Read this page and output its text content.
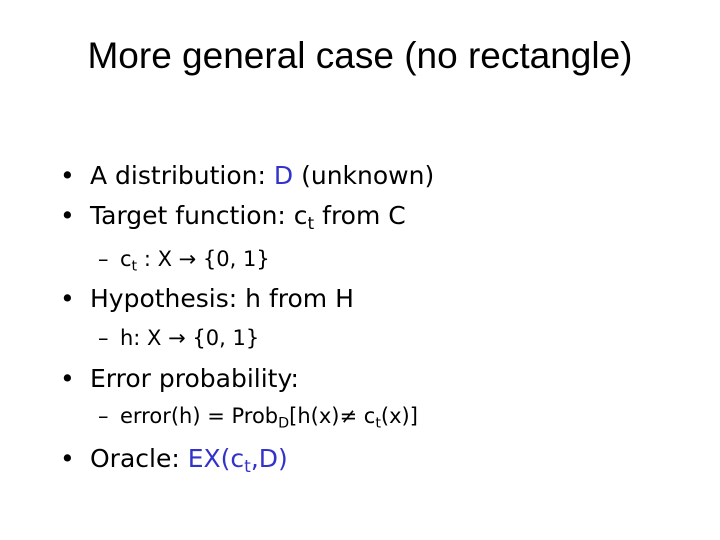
More general case (no rectangle)
• A distribution: D (unknown)
• Target function: $c_t$ from C
– $c_t$ : X → {0, 1}
• Hypothesis: h from H
– h: X → {0, 1}
• Error probability:
– error(h) = Prob$_D$[h(x)≠ $c_t(x)$]
• Oracle: $EX(c_t,D)$
